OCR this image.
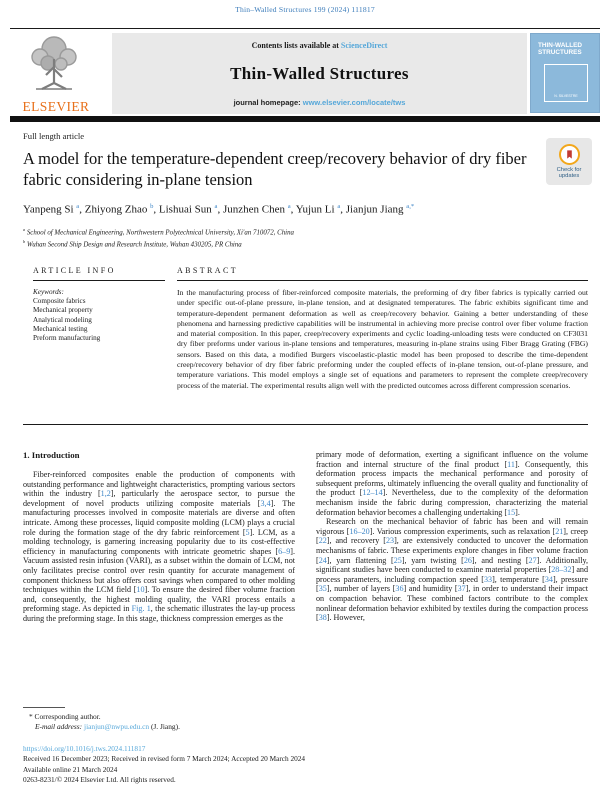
Thin–Walled Structures 199 (2024) 111817
ELSEVIER
Contents lists available at ScienceDirect
Thin-Walled Structures
journal homepage: www.elsevier.com/locate/tws
THIN-WALLED STRUCTURES
N. SILVESTRE
Full length article
A model for the temperature-dependent creep/recovery behavior of dry fiber fabric considering in-plane tension
Yanpeng Si $^a$, Zhiyong Zhao $^b$, Lishuai Sun $^a$, Junzhen Chen $^a$, Yujun Li $^a$, Jianjun Jiang $^{a,*}$
$^a$ School of Mechanical Engineering, Northwestern Polytechnical University, Xi'an 710072, China
$^b$ Wuhan Second Ship Design and Research Institute, Wuhan 430205, PR China
Check for updates
ARTICLE INFO
Keywords:
Composite fabrics
Mechanical property
Analytical modeling
Mechanical testing
Preform manufacturing
ABSTRACT
In the manufacturing process of fiber-reinforced composite materials, the preforming of dry fiber fabrics is typically carried out under specific out-of-plane pressure, in-plane tension, and at designated temperatures. The fabric exhibits significant time and temperature-dependent permanent deformation as well as creep/recovery behavior. Gaining a better understanding of these phenomena and harnessing predictive capabilities will be instrumental in achieving more precise control over fiber volume fraction and material composition. In this paper, creep/recovery experiments and cyclic loading-unloading tests were conducted on CF3031 dry fiber preforms under various in-plane tensions and temperatures, measuring in-plane strains using Fiber Bragg Grating (FBG) sensors. Based on this data, a modified Burgers viscoelastic-plastic model has been proposed to describe the time-dependent creep/recovery behavior of dry fiber fabric preforming under the coupled effects of in-plane tension, out-of-plane pressure, and temperature variations. This model employs a single set of equations and parameters to represent the complete creep/recovery process of the material. The experimental results align well with the predicted outcomes across different compression scenarios.
1. Introduction
Fiber-reinforced composites enable the production of components with outstanding performance and lightweight characteristics, prompting various sectors within the industry [1,2], particularly the aerospace sector, to pursue the development of novel products utilizing composite materials [3,4]. The manufacturing processes involved in composite materials are diverse and often intricate. Among these processes, liquid composite molding (LCM) plays a crucial role during the formation stage of the dry fabric reinforcement [5]. LCM, as a molding technology, is garnering increasing popularity due to its cost-effective efficiency in manufacturing components with intricate geometric shapes [6–9]. Vacuum assisted resin infusion (VARI), as a subset within the domain of LCM, not only facilitates precise control over resin quantity for accurate management of component thickness but also offers cost savings when compared to other molding techniques within the LCM field [10]. To ensure the desired fiber volume fraction and, consequently, the highest molding quality, the VARI process entails a preforming stage. As depicted in Fig. 1, the schematic illustrates the lay-up process during the preforming stage. In this stage, thickness compression emerges as the
primary mode of deformation, exerting a significant influence on the volume fraction and internal structure of the final product [11]. Consequently, this deformation process impacts the mechanical performance and porosity of subsequent preforms, ultimately influencing the overall quality and functionality of the product [12–14]. Nevertheless, due to the complexity of the deformation mechanism inside the fabric during compression, characterizing the material deformation behavior becomes a challenging undertaking [15].
Research on the mechanical behavior of fabric has been and will remain vigorous [16–20]. Various compression experiments, such as relaxation [21], creep [22], and recovery [23], are extensively conducted to uncover the deformation mechanisms of fabric. These experiments explore changes in fiber volume fraction [24], yarn flattening [25], yarn twisting [26], and nesting [27]. Additionally, significant studies have been conducted to examine material properties [28–32] and process parameters, including compaction speed [33], temperature [34], pressure [35], number of layers [36] and humidity [37], in order to understand their impact on compaction behavior. These combined factors contribute to the complex nonlinear deformation behavior exhibited by textiles during the compaction process [38]. However,
* Corresponding author.
E-mail address: jianjun@nwpu.edu.cn (J. Jiang).
https://doi.org/10.1016/j.tws.2024.111817
Received 16 December 2023; Received in revised form 7 March 2024; Accepted 20 March 2024
Available online 21 March 2024
0263-8231/© 2024 Elsevier Ltd. All rights reserved.
